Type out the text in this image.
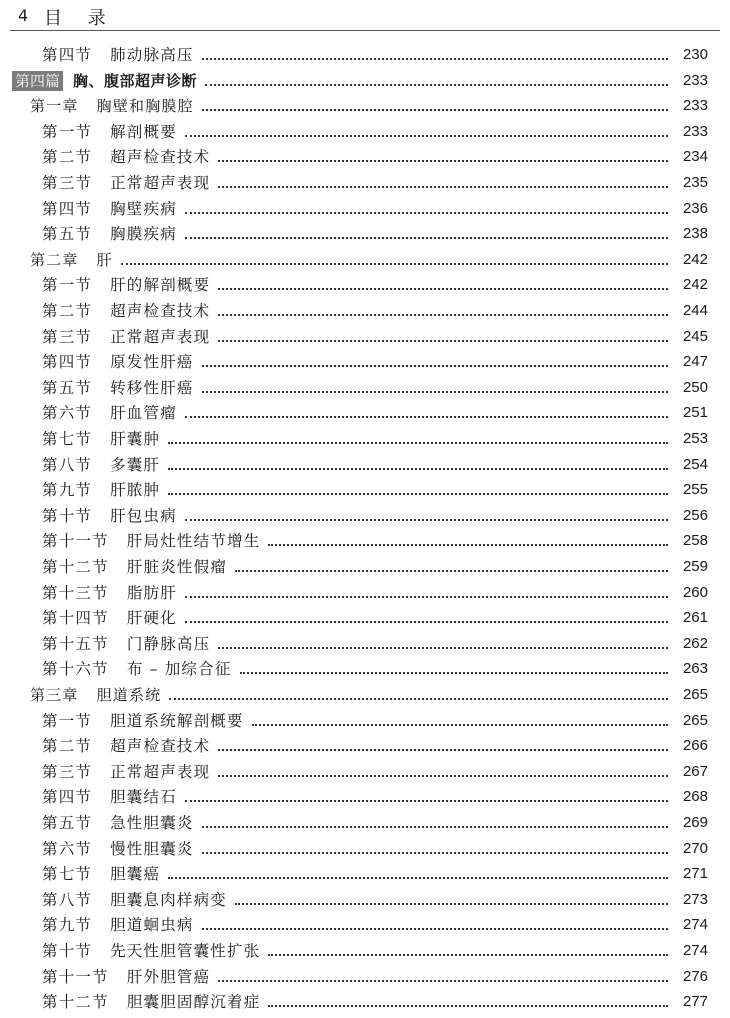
4 目 录
第四节 肺动脉高压	230
第四篇 胸、腹部超声诊断	233
第一章 胸壁和胸膜腔	233
第一节 解剖概要	233
第二节 超声检查技术	234
第三节 正常超声表现	235
第四节 胸壁疾病	236
第五节 胸膜疾病	238
第二章 肝	242
第一节 肝的解剖概要	242
第二节 超声检查技术	244
第三节 正常超声表现	245
第四节 原发性肝癌	247
第五节 转移性肝癌	250
第六节 肝血管瘤	251
第七节 肝囊肿	253
第八节 多囊肝	254
第九节 肝脓肿	255
第十节 肝包虫病	256
第十一节 肝局灶性结节增生	258
第十二节 肝脏炎性假瘤	259
第十三节 脂肪肝	260
第十四节 肝硬化	261
第十五节 门静脉高压	262
第十六节 布 – 加综合征	263
第三章 胆道系统	265
第一节 胆道系统解剖概要	265
第二节 超声检查技术	266
第三节 正常超声表现	267
第四节 胆囊结石	268
第五节 急性胆囊炎	269
第六节 慢性胆囊炎	270
第七节 胆囊癌	271
第八节 胆囊息肉样病变	273
第九节 胆道蛔虫病	274
第十节 先天性胆管囊性扩张	274
第十一节 肝外胆管癌	276
第十二节 胆囊胆固醇沉着症	277
